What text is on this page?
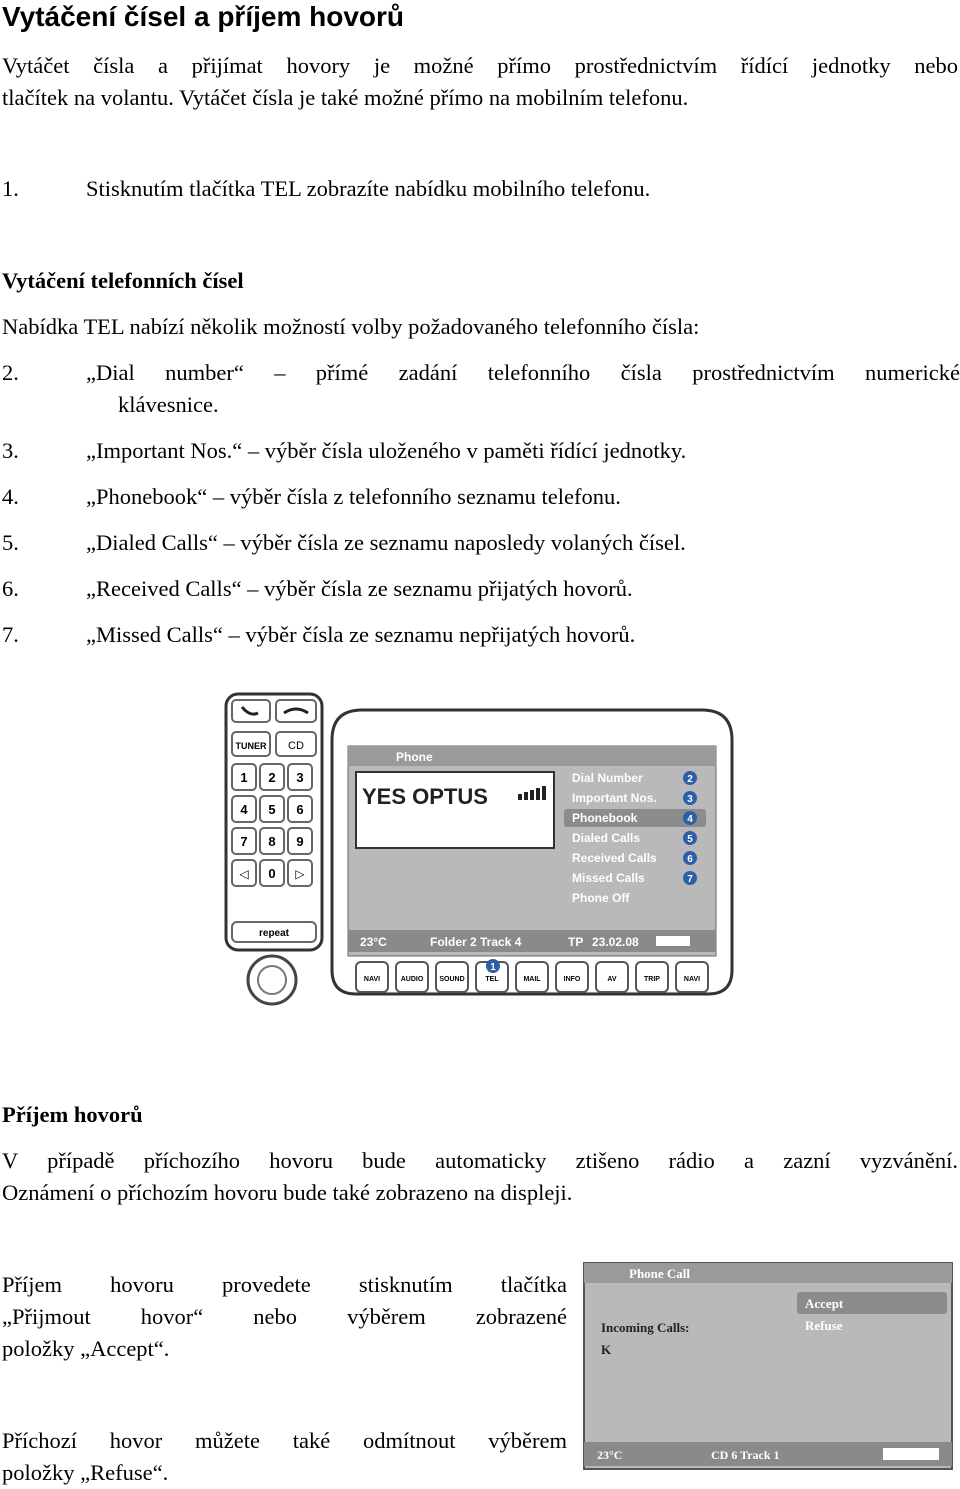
Vytáčení čísel a příjem hovorů
Vytáčet čísla a přijímat hovory je možné přímo prostřednictvím řídící jednotky nebo
tlačítek na volantu. Vytáčet čísla je také možné přímo na mobilním telefonu.
1.	Stisknutím tlačítka TEL zobrazíte nabídku mobilního telefonu.
Vytáčení telefonních čísel
Nabídka TEL nabízí několik možností volby požadovaného telefonního čísla:
2.	„Dial number“ – přímé zadání telefonního čísla prostřednictvím numerické
klávesnice.
3.	„Important Nos.“ – výběr čísla uloženého v paměti řídící jednotky.
4.	„Phonebook“ – výběr čísla z telefonního seznamu telefonu.
5.	„Dialed Calls“ – výběr čísla ze seznamu naposledy volaných čísel.
6.	„Received Calls“ – výběr čísla ze seznamu přijatých hovorů.
7.	„Missed Calls“ – výběr čísla ze seznamu nepřijatých hovorů.
TUNER CD
1 2 3
4 5 6
7 8 9
◁ 0 ▷
repeat
Phone
YES OPTUS
Dial Number	2
Important Nos.	3
Phonebook	4
Dialed Calls	5
Received Calls	6
Missed Calls	7
Phone Off
23°C	Folder 2 Track 4	TP 23.02.08
NAVI	AUDIO SOUND	TEL	MAIL	INFO	AV	TRIP	NAVI
1
Příjem hovorů
V případě příchozího hovoru bude automaticky ztišeno rádio a zazní vyzvánění.
Oznámení o příchozím hovoru bude také zobrazeno na displeji.
Příjem hovoru provedete stisknutím tlačítka
„Přijmout hovor“ nebo výběrem zobrazené
položky „Accept“.
Příchozí hovor můžete také odmítnout výběrem
položky „Refuse“.
Phone Call
Incoming Calls:
K
Accept
Refuse
23°C	CD 6 Track 1
